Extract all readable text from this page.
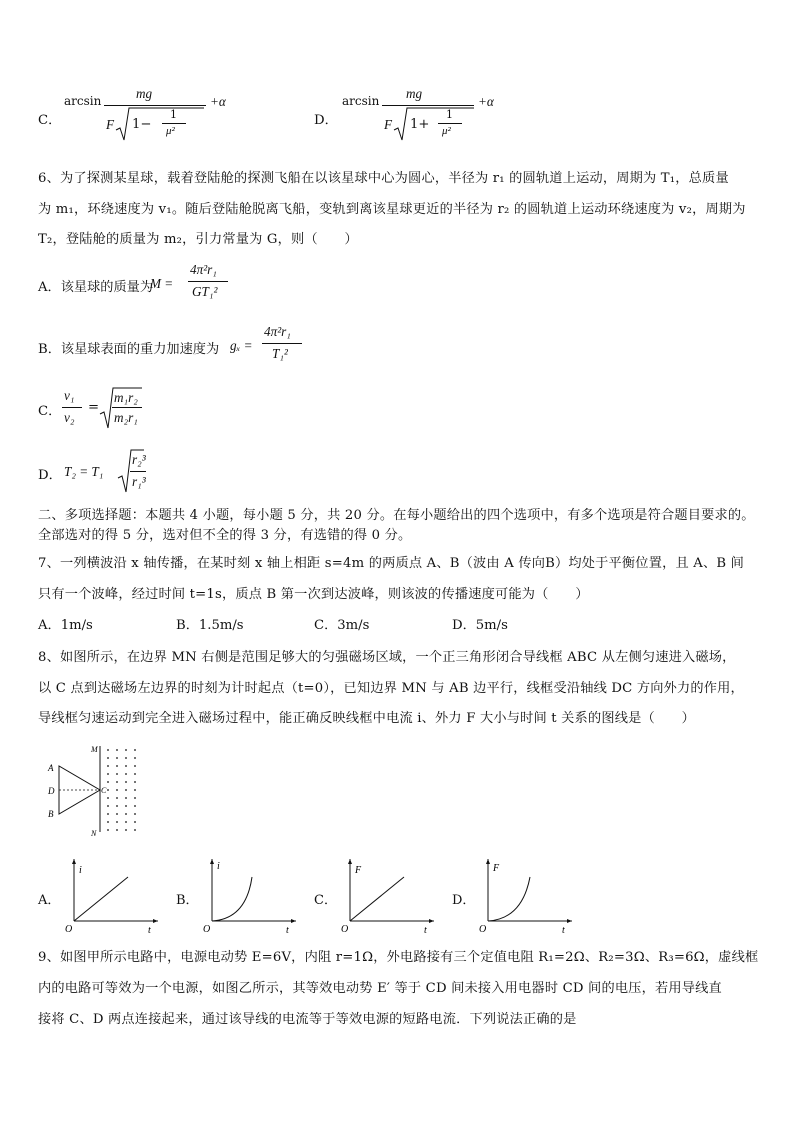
C．
arcsin	mg
F 1−
1
μ²
+α
D．
arcsin mg
F 1+
1
μ²
+α
6、为了探测某星球，载着登陆舱的探测飞船在以该星球中心为圆心，半径为 r₁ 的圆轨道上运动，周期为 T₁，总质量
为 m₁，环绕速度为 v₁。随后登陆舱脱离飞船，变轨到离该星球更近的半径为 r₂ 的圆轨道上运动环绕速度为 v₂，周期为
T₂，登陆舱的质量为 m₂，引力常量为 G，则（　　）
A．该星球的质量为
M =
4π²r₁
GT₁²
B．该星球表面的重力加速度为 gₓ =
4π²r₁
T₁²
C．
v₁
v₂
=
m₁r₂
m₂r₁
D． T₂ = T₁
r₂³
r₁³
二、多项选择题：本题共 4 小题，每小题 5 分，共 20 分。在每小题给出的四个选项中，有多个选项是符合题目要求的。
全部选对的得 5 分，选对但不全的得 3 分，有选错的得 0 分。
7、一列横波沿 x 轴传播，在某时刻 x 轴上相距 s=4m 的两质点 A、B（波由 A 传向B）均处于平衡位置，且 A、B 间
只有一个波峰，经过时间 t=1s，质点 B 第一次到达波峰，则该波的传播速度可能为（　　）
A．1m/s	B．1.5m/s	C．3m/s	D．5m/s
8、如图所示，在边界 MN 右侧是范围足够大的匀强磁场区域，一个正三角形闭合导线框 ABC 从左侧匀速进入磁场，
以 C 点到达磁场左边界的时刻为计时起点（t=0），已知边界 MN 与 AB 边平行，线框受沿轴线 DC 方向外力的作用，
导线框匀速运动到完全进入磁场过程中，能正确反映线框中电流 i、外力 F 大小与时间 t 关系的图线是（　　）
A
D
B
C
M
N
A．
i
t
O
B．
i
t
O
C．
F
t
O
D．
F
t
O
9、如图甲所示电路中，电源电动势 E=6V，内阻 r=1Ω，外电路接有三个定值电阻 R₁=2Ω、R₂=3Ω、R₃=6Ω，虚线框
内的电路可等效为一个电源，如图乙所示，其等效电动势 E′ 等于 CD 间未接入用电器时 CD 间的电压，若用导线直
接将 C、D 两点连接起来，通过该导线的电流等于等效电源的短路电流．下列说法正确的是
